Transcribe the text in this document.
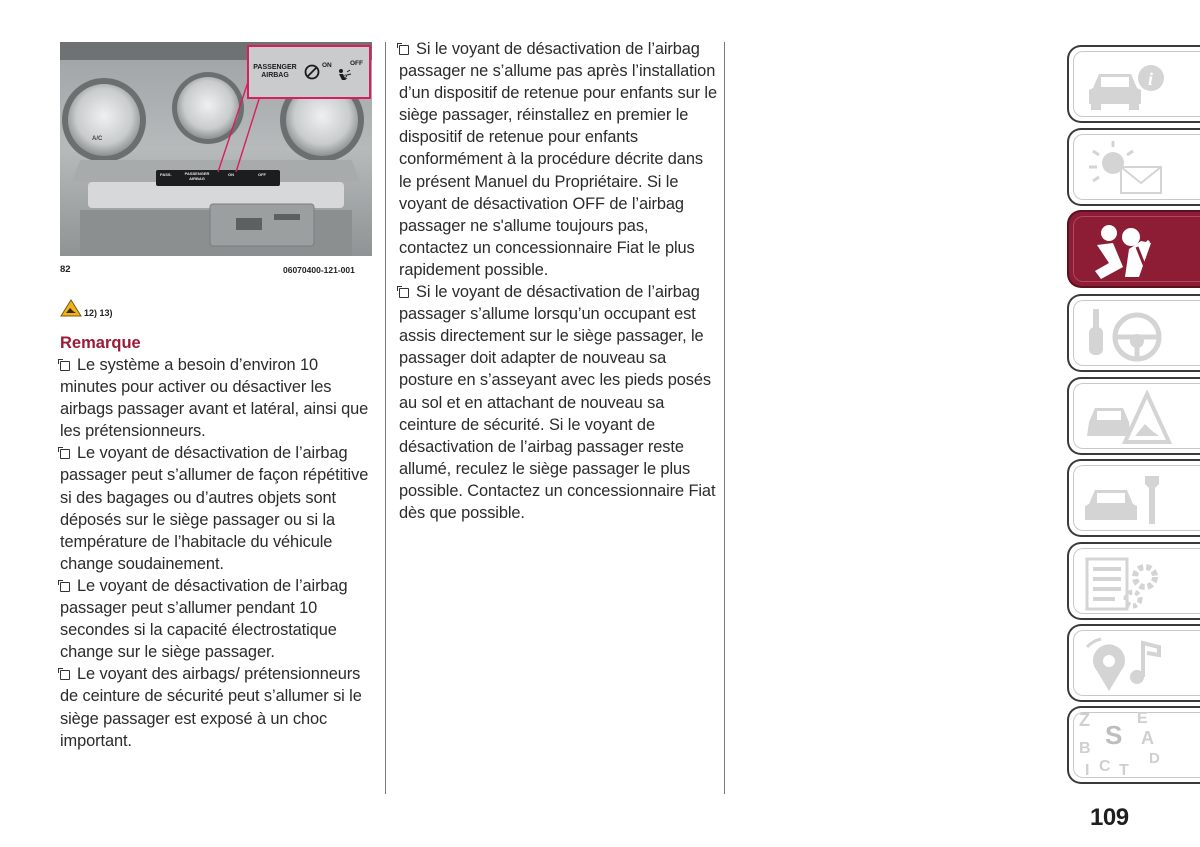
PASSENGER
AIRBAG
ON	OFF
2
PASS.	PASSENGER
AIRBAG
ON	OFF
A/C
82	06070400-121-001
12) 13)
Remarque

Le système a besoin d’environ 10 minutes pour activer ou désactiver les airbags passager avant et latéral, ainsi que les prétensionneurs.

Le voyant de désactivation de l’airbag passager peut s’allumer de façon répétitive si des bagages ou d’autres objets sont déposés sur le siège passager ou si la température de l’habitacle du véhicule change soudainement.

Le voyant de désactivation de l’airbag passager peut s’allumer pendant 10 secondes si la capacité électrostatique change sur le siège passager.

Le voyant des airbags/ prétensionneurs de ceinture de sécurité peut s’allumer si le siège passager est exposé à un choc important.

Si le voyant de désactivation de l’airbag passager ne s’allume pas après l’installation d’un dispositif de retenue pour enfants sur le siège passager, réinstallez en premier le dispositif de retenue pour enfants conformément à la procédure décrite dans le présent Manuel du Propriétaire. Si le voyant de désactivation OFF de l’airbag passager ne s'allume toujours pas, contactez un concessionnaire Fiat le plus rapidement possible.

Si le voyant de désactivation de l’airbag passager s’allume lorsqu’un occupant est assis directement sur le siège passager, le passager doit adapter de nouveau sa posture en s’asseyant avec les pieds posés au sol et en attachant de nouveau sa ceinture de sécurité. Si le voyant de désactivation de l’airbag passager reste allumé, reculez le siège passager le plus possible. Contactez un concessionnaire Fiat dès que possible.

i
Z	E
S
B
A
C T
D
I
109
